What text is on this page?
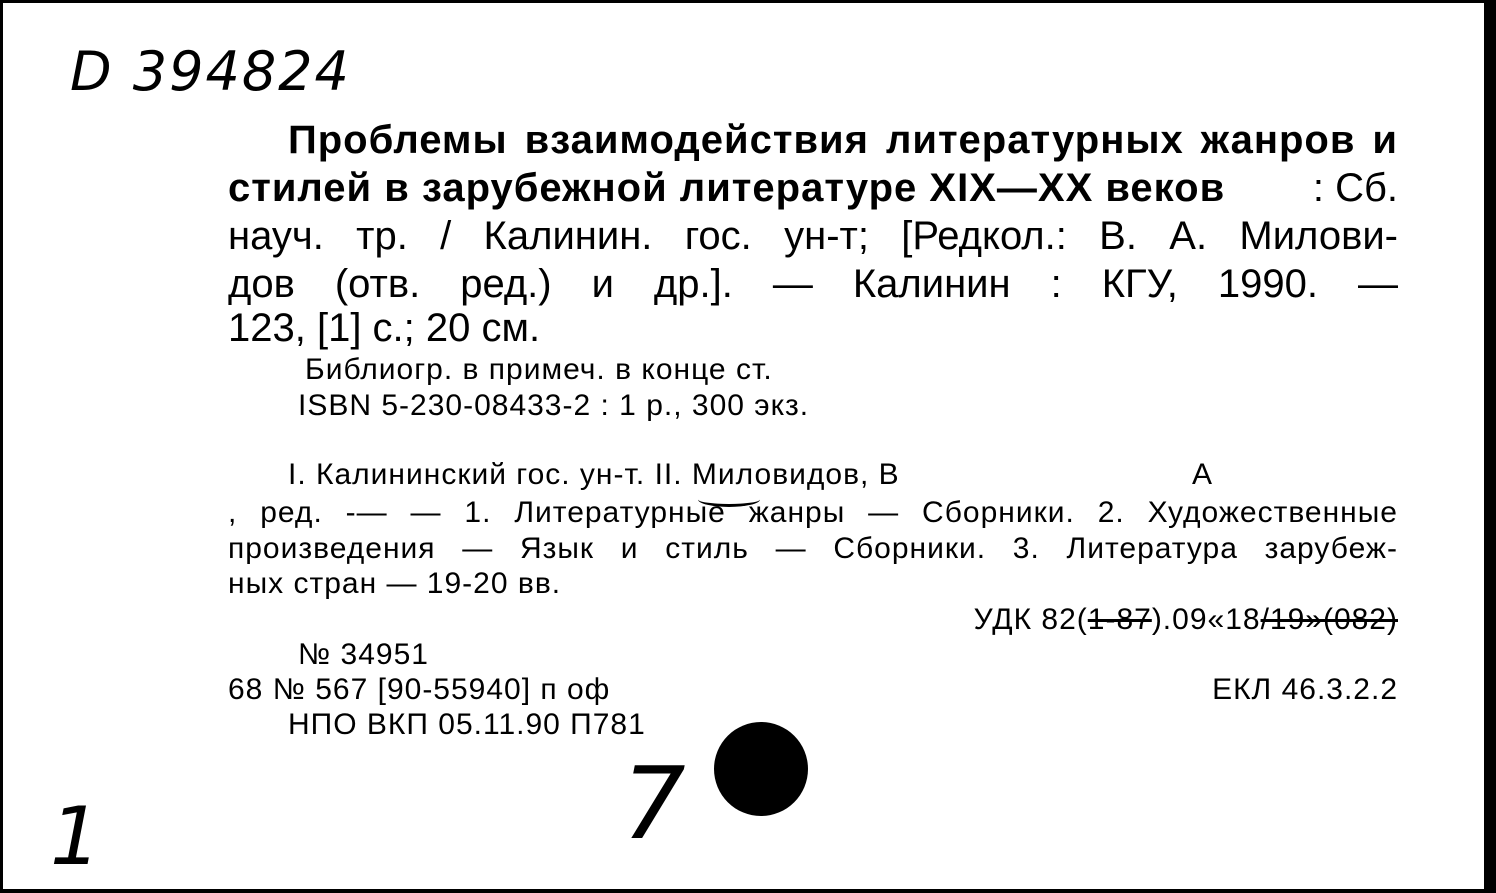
D 394824
Проблемы взаимодействия литературных жанров и
стилей в зарубежной литературе XIX—XX веков : Сб.
науч. тр. / Калинин. гос. ун-т; [Редкол.: В. А. Милови-
дов (отв. ред.) и др.]. — Калинин : КГУ, 1990. —
123, [1] с.; 20 см.
Библиогр. в примеч. в конце ст.
ISBN 5-230-08433-2 : 1 р., 300 экз.
I. Калининский гос. ун-т. II. Миловидов, В	А
, ред. -— — 1. Литературные жанры — Сборники. 2. Художественные
произведения — Язык и стиль — Сборники. 3. Литература зарубеж-
ных стран — 19-20 вв.
УДК 82(1-87).09«18/19»(082)
№ 34951
68 № 567 [90-55940] п оф	ЕКЛ 46.3.2.2
НПО ВКП 05.11.90 П781
7
1
